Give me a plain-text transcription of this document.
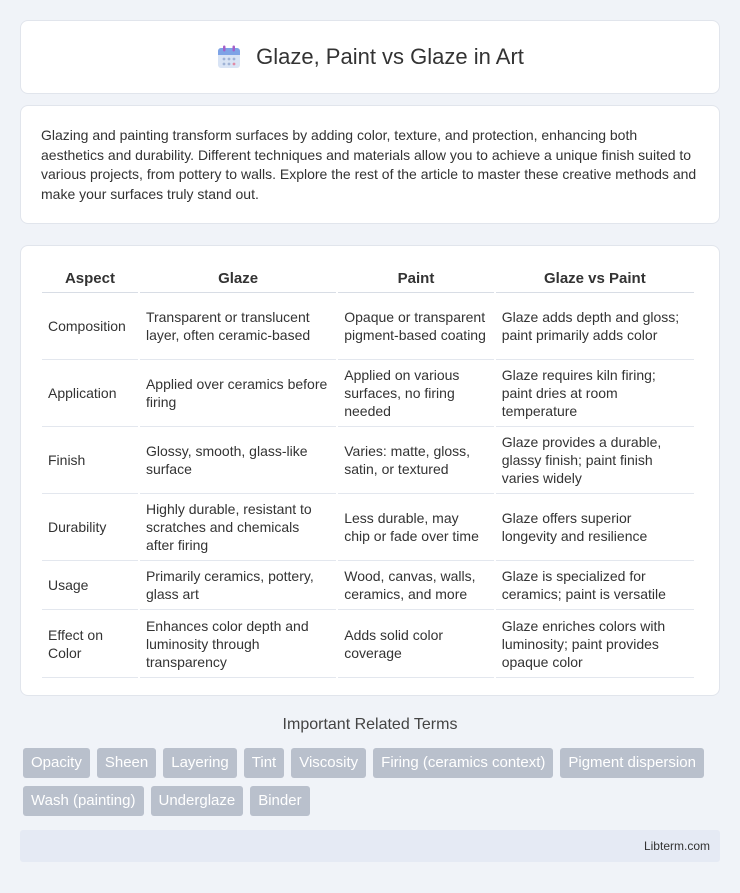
Glaze, Paint vs Glaze in Art

Glazing and painting transform surfaces by adding color, texture, and protection, enhancing both aesthetics and durability. Different techniques and materials allow you to achieve a unique finish suited to various projects, from pottery to walls. Explore the rest of the article to master these creative methods and make your surfaces truly stand out.

Aspect	Glaze	Paint	Glaze vs Paint
Composition	Transparent or translucent layer, often ceramic-based	Opaque or transparent pigment-based coating	Glaze adds depth and gloss; paint primarily adds color
Application	Applied over ceramics before firing	Applied on various surfaces, no firing needed	Glaze requires kiln firing; paint dries at room temperature
Finish	Glossy, smooth, glass-like surface	Varies: matte, gloss, satin, or textured	Glaze provides a durable, glassy finish; paint finish varies widely
Durability	Highly durable, resistant to scratches and chemicals after firing	Less durable, may chip or fade over time	Glaze offers superior longevity and resilience
Usage	Primarily ceramics, pottery, glass art	Wood, canvas, walls, ceramics, and more	Glaze is specialized for ceramics; paint is versatile
Effect on Color	Enhances color depth and luminosity through transparency	Adds solid color coverage	Glaze enriches colors with luminosity; paint provides opaque color
Important Related Terms
Opacity	Sheen	Layering	Tint	Viscosity	Firing (ceramics context)	Pigment dispersion
Wash (painting)	Underglaze	Binder
Libterm.com
